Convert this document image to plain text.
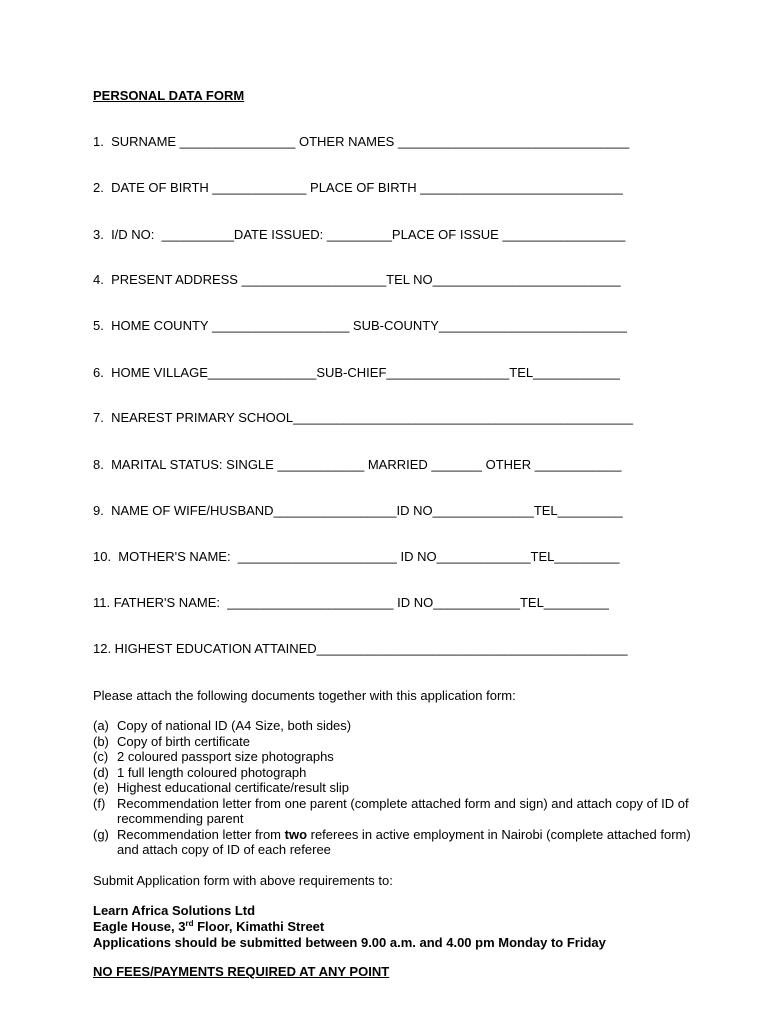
PERSONAL DATA FORM
1.  SURNAME ________________ OTHER NAMES ________________________________
2.  DATE OF BIRTH _____________ PLACE OF BIRTH ____________________________
3.  I/D NO:  __________DATE ISSUED: _________PLACE OF ISSUE _________________
4.  PRESENT ADDRESS ____________________TEL NO__________________________
5.  HOME COUNTY ___________________ SUB-COUNTY__________________________
6.  HOME VILLAGE_______________SUB-CHIEF_________________TEL____________
7.  NEAREST PRIMARY SCHOOL_______________________________________________
8.  MARITAL STATUS: SINGLE ____________ MARRIED _______ OTHER ____________
9.  NAME OF WIFE/HUSBAND_________________ID NO______________TEL_________
10.  MOTHER'S NAME:  ______________________ ID NO_____________TEL_________
11. FATHER'S NAME:  _______________________ ID NO____________TEL_________
12. HIGHEST EDUCATION ATTAINED___________________________________________
Please attach the following documents together with this application form:
(a) Copy of national ID (A4 Size, both sides)
(b) Copy of birth certificate
(c) 2 coloured passport size photographs
(d) 1 full length coloured photograph
(e) Highest educational certificate/result slip
(f) Recommendation letter from one parent (complete attached form and sign) and attach copy of ID of recommending parent
(g) Recommendation letter from two referees in active employment in Nairobi (complete attached form) and attach copy of ID of each referee
Submit Application form with above requirements to:
Learn Africa Solutions Ltd
Eagle House, 3rd Floor, Kimathi Street
Applications should be submitted between 9.00 a.m. and 4.00 pm Monday to Friday
NO FEES/PAYMENTS REQUIRED AT ANY POINT
